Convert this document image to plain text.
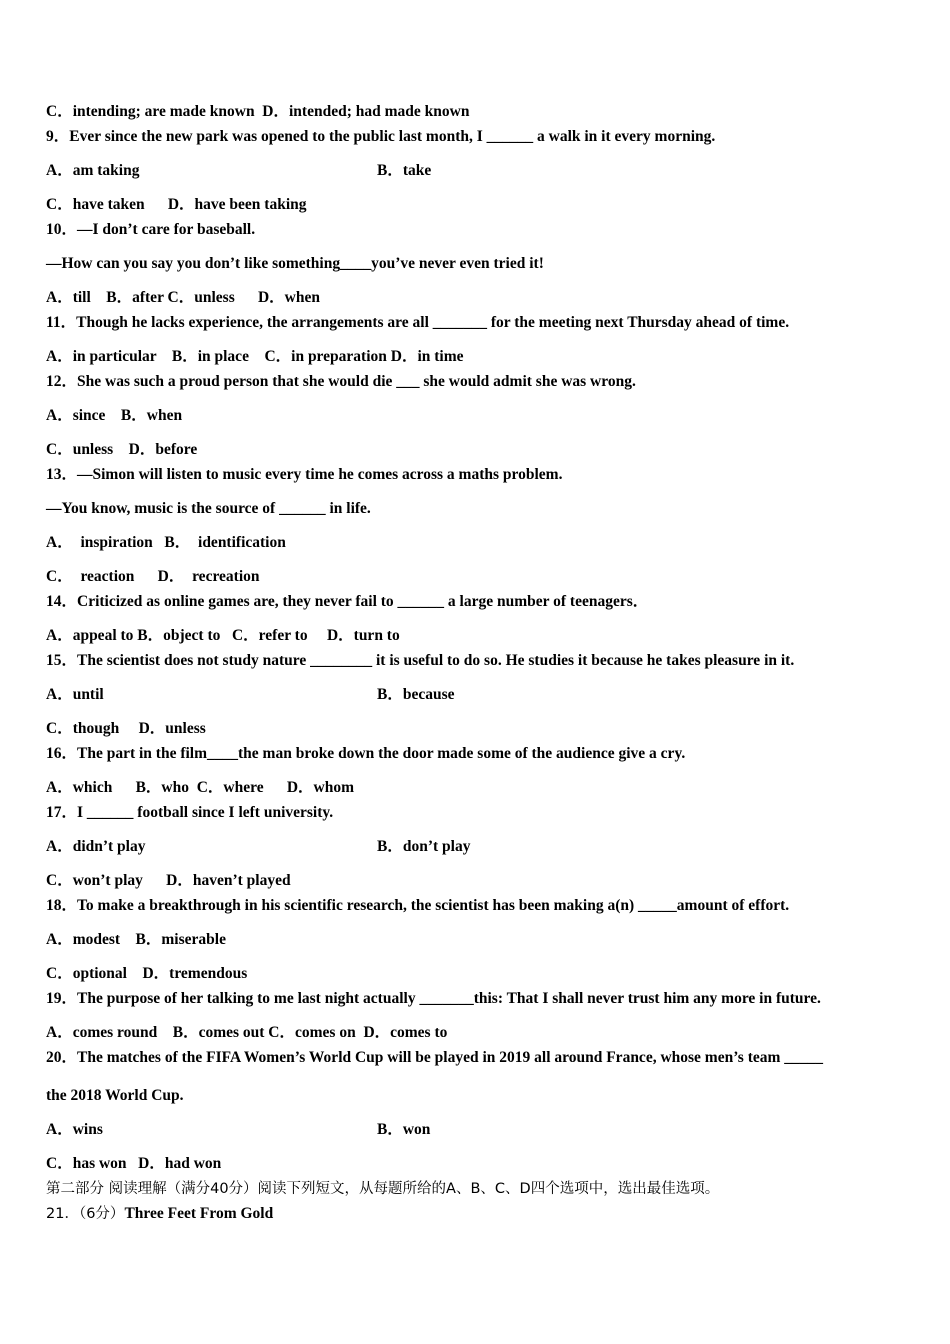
C．intending; are made known  D．intended; had made known
9．Ever since the new park was opened to the public last month, I ______ a walk in it every morning.
A．am taking	B．take
C．have taken      D．have been taking
10．—I don’t care for baseball.
—How can you say you don’t like something____you’ve never even tried it!
A．till    B．after C．unless      D．when
11．Though he lacks experience, the arrangements are all _______ for the meeting next Thursday ahead of time.
A．in particular    B．in place    C．in preparation D．in time
12．She was such a proud person that she would die ___ she would admit she was wrong.
A．since    B．when
C．unless    D．before
13．—Simon will listen to music every time he comes across a maths problem.
—You know, music is the source of ______ in life.
A．  inspiration   B．  identification
C．  reaction      D．  recreation
14．Criticized as online games are, they never fail to ______ a large number of teenagers．
A．appeal to B．object to   C．refer to     D．turn to
15．The scientist does not study nature ________ it is useful to do so. He studies it because he takes pleasure in it.
A．until	B．because
C．though     D．unless
16．The part in the film____the man broke down the door made some of the audience give a cry.
A．which      B．who  C．where      D．whom
17．I ______ football since I left university.
A．didn’t play	B．don’t play
C．won’t play      D．haven’t played
18．To make a breakthrough in his scientific research, the scientist has been making a(n) _____amount of effort.
A．modest    B．miserable
C．optional    D．tremendous
19．The purpose of her talking to me last night actually _______this: That I shall never trust him any more in future.
A．comes round    B．comes out C．comes on  D．comes to
20．The matches of the FIFA Women’s World Cup will be played in 2019 all around France, whose men’s team _____
the 2018 World Cup.
A．wins	B．won
C．has won   D．had won
第二部分 阅读理解（满分40分）阅读下列短文，从每题所给的A、B、C、D四个选项中，选出最佳选项。
21．（6分）Three Feet From Gold
